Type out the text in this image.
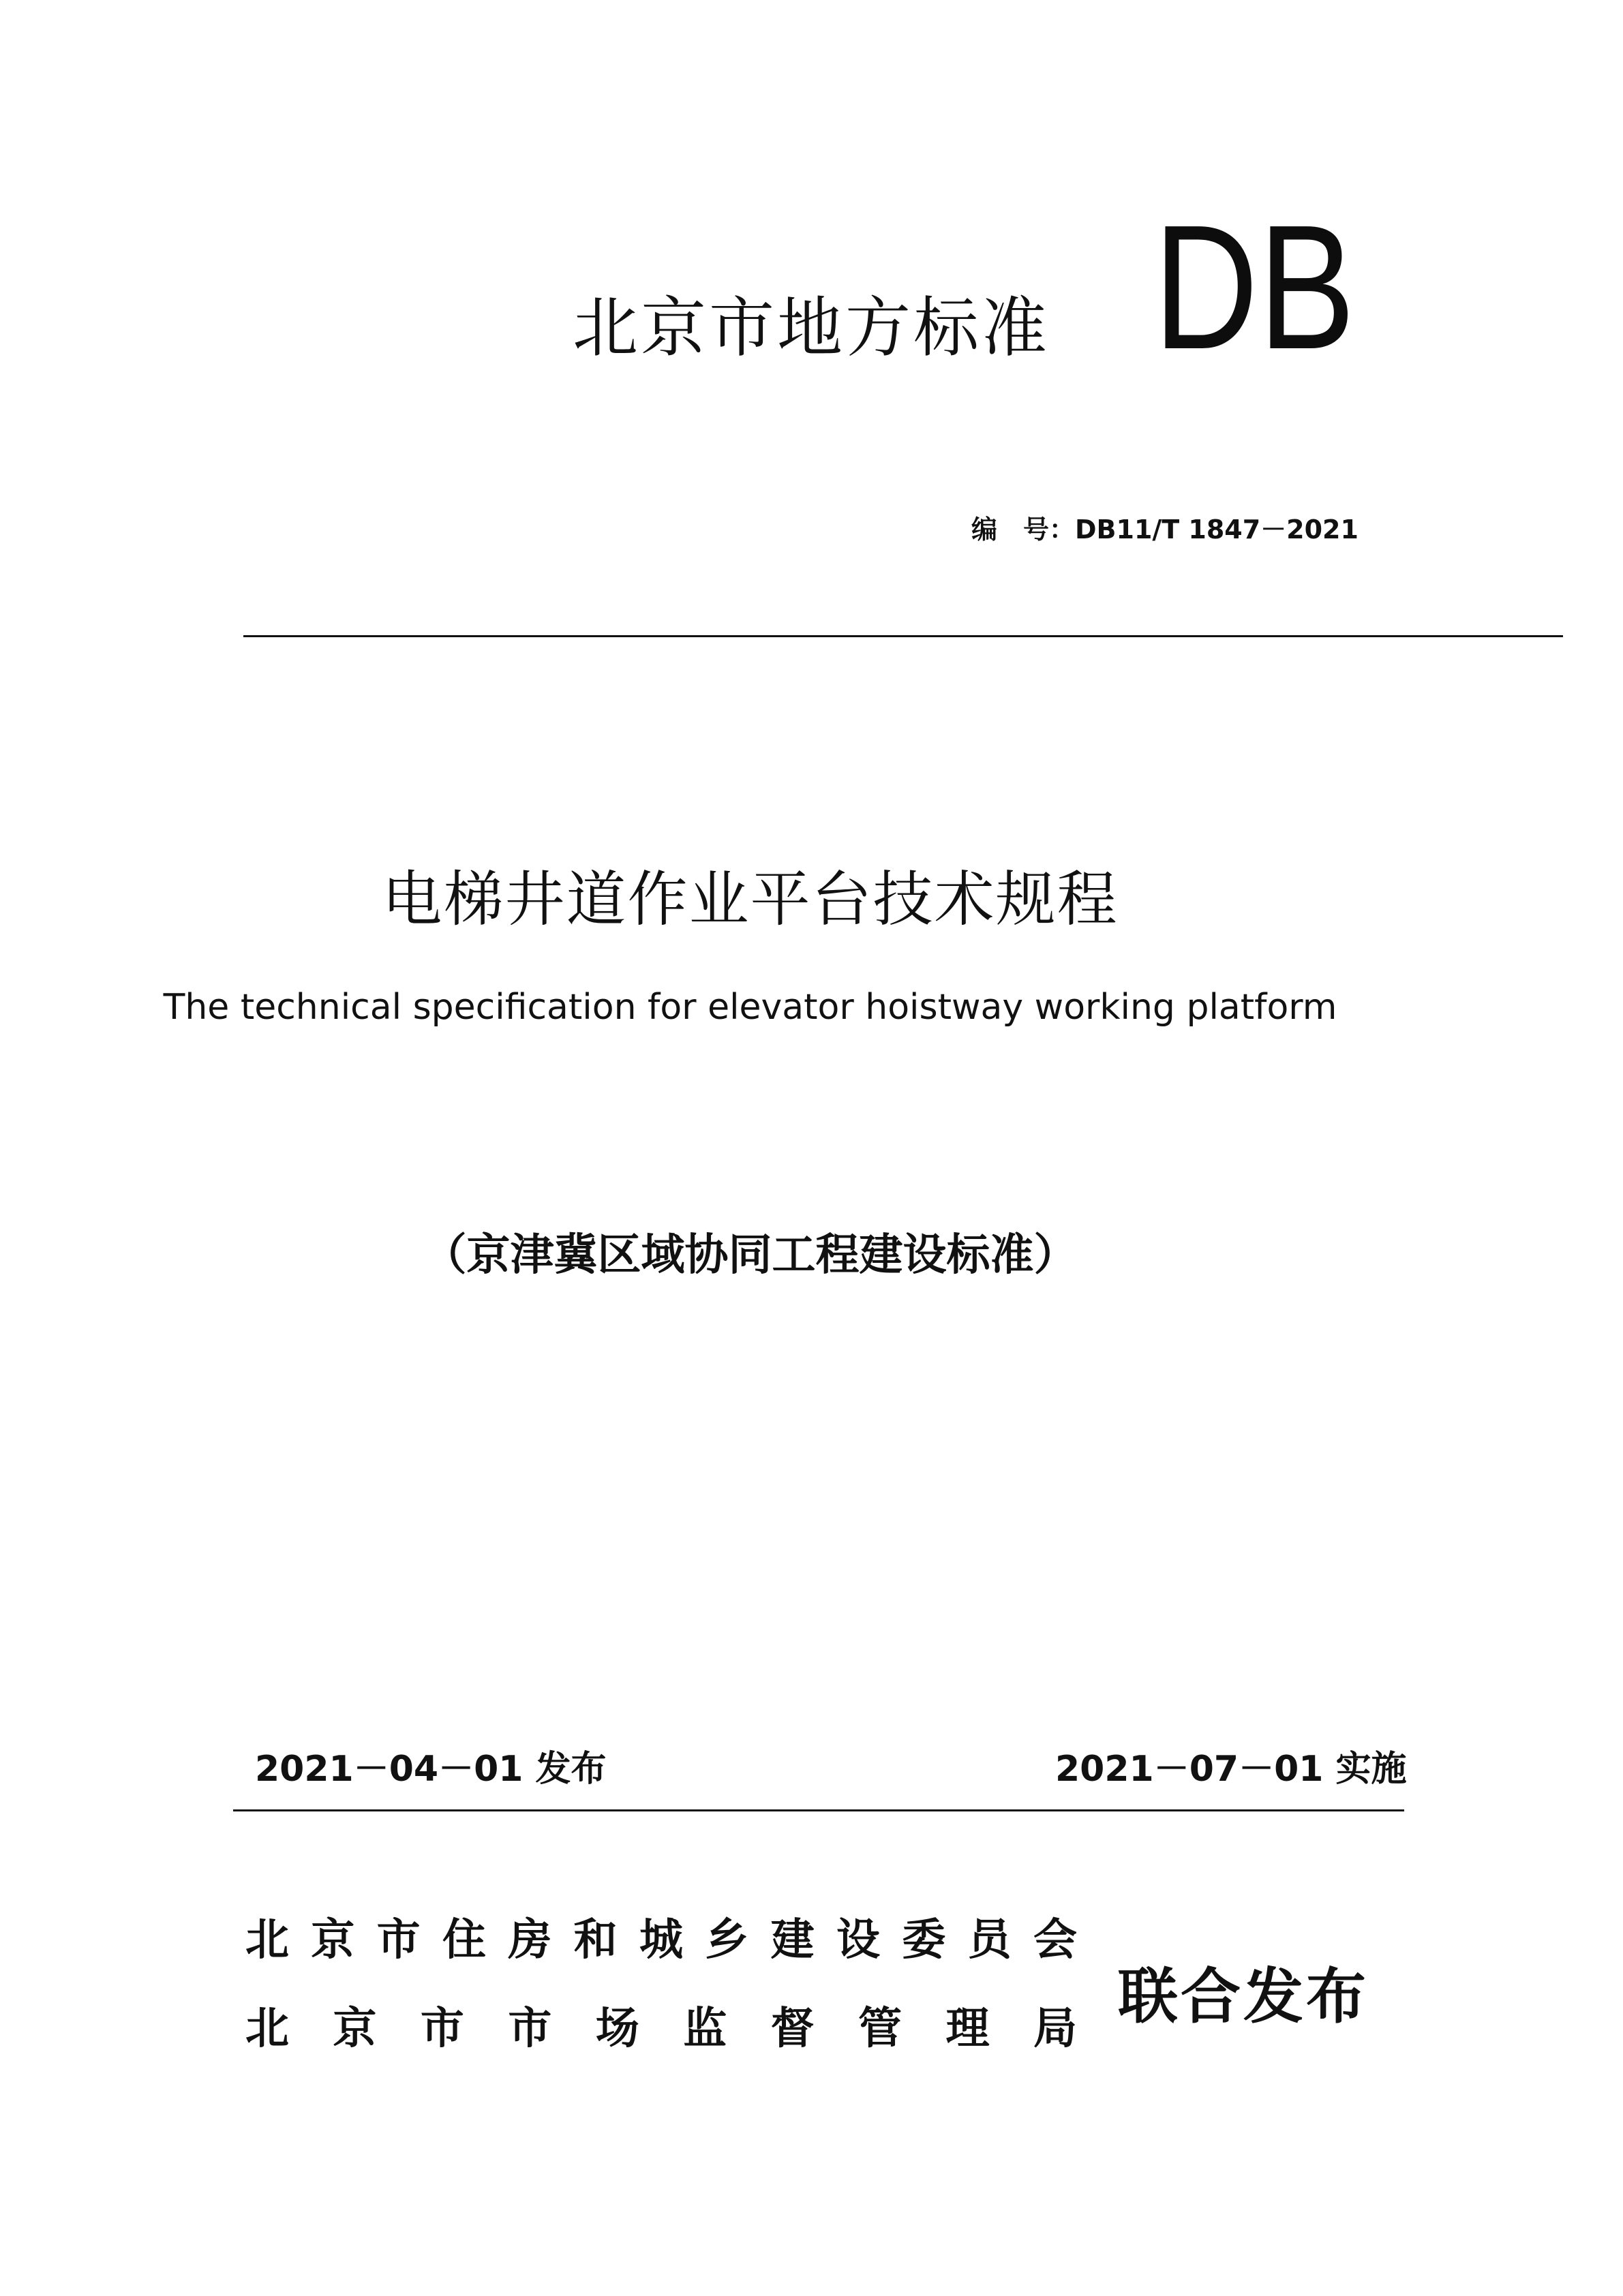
北京市地方标准 DB
编　号：DB11/T 1847－2021
电梯井道作业平台技术规程
The technical specification for elevator hoistway working platform
（京津冀区域协同工程建设标准）
2021－04－01 发布	2021－07－01 实施
北 京 市 住 房 和 城 乡 建 设 委 员 会
北 京 市 市 场 监 督 管 理 局 联合发布
